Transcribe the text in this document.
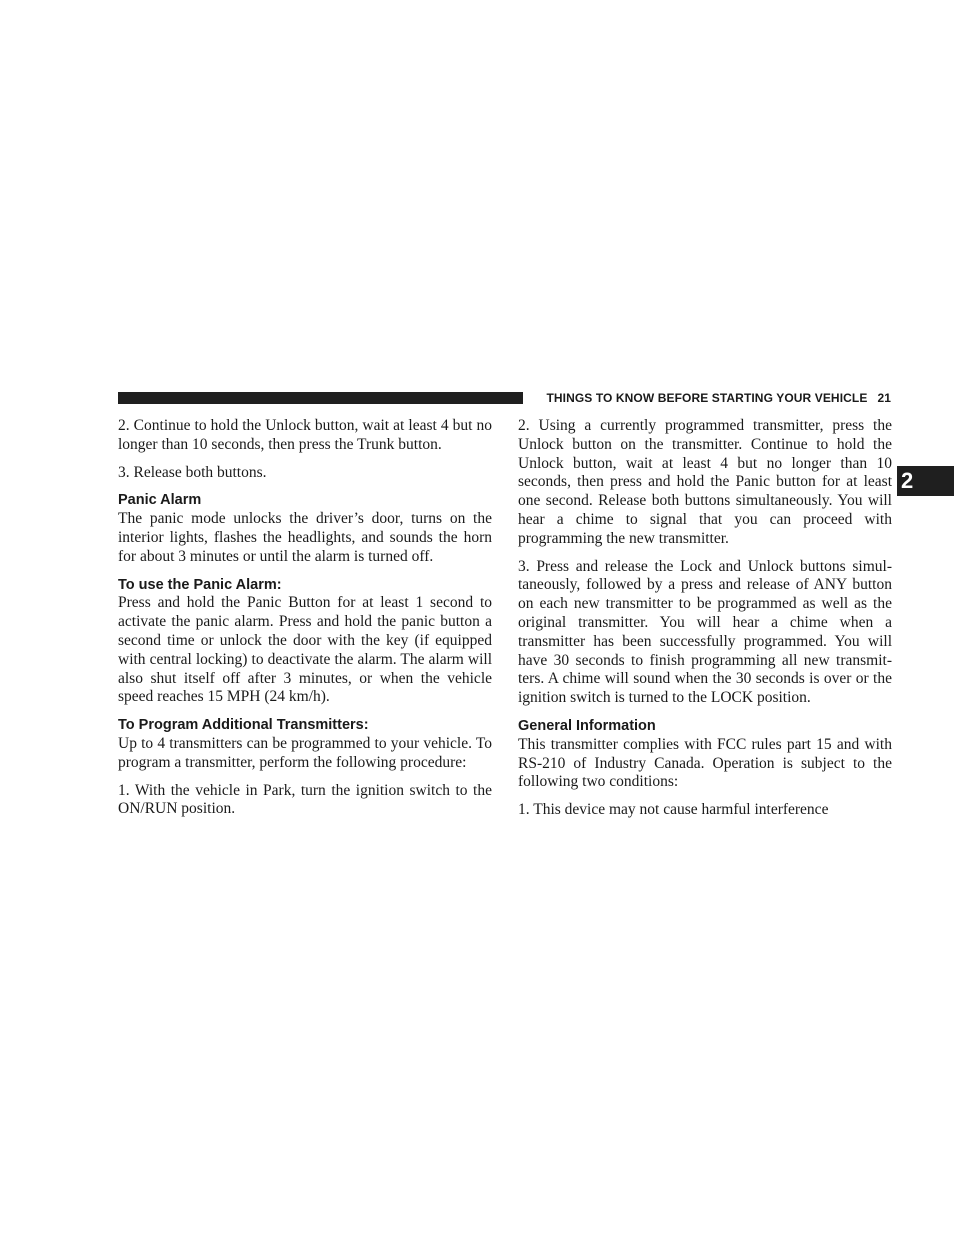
THINGS TO KNOW BEFORE STARTING YOUR VEHICLE 21
2

2. Continue to hold the Unlock button, wait at least 4 but no longer than 10 seconds, then press the Trunk button.

3. Release both buttons.

Panic Alarm

The panic mode unlocks the driver’s door, turns on the interior lights, flashes the headlights, and sounds the horn for about 3 minutes or until the alarm is turned off.

To use the Panic Alarm:

Press and hold the Panic Button for at least 1 second to activate the panic alarm. Press and hold the panic button a second time or unlock the door with the key (if equipped with central locking) to deactivate the alarm. The alarm will also shut itself off after 3 minutes, or when the vehicle speed reaches 15 MPH (24 km/h).

To Program Additional Transmitters:

Up to 4 transmitters can be programmed to your vehicle. To program a transmitter, perform the following procedure:

1. With the vehicle in Park, turn the ignition switch to the ON/RUN position.

2. Using a currently programmed transmitter, press the Unlock button on the transmitter. Continue to hold the Unlock button, wait at least 4 but no longer than 10 seconds, then press and hold the Panic button for at least one second. Release both buttons simultaneously. You will hear a chime to signal that you can proceed with programming the new transmitter.

3. Press and release the Lock and Unlock buttons simultaneously, followed by a press and release of ANY button on each new transmitter to be programmed as well as the original transmitter. You will hear a chime when a transmitter has been successfully programmed. You will have 30 seconds to finish programming all new transmitters. A chime will sound when the 30 seconds is over or the ignition switch is turned to the LOCK position.

General Information

This transmitter complies with FCC rules part 15 and with RS-210 of Industry Canada. Operation is subject to the following two conditions:

1. This device may not cause harmful interference
